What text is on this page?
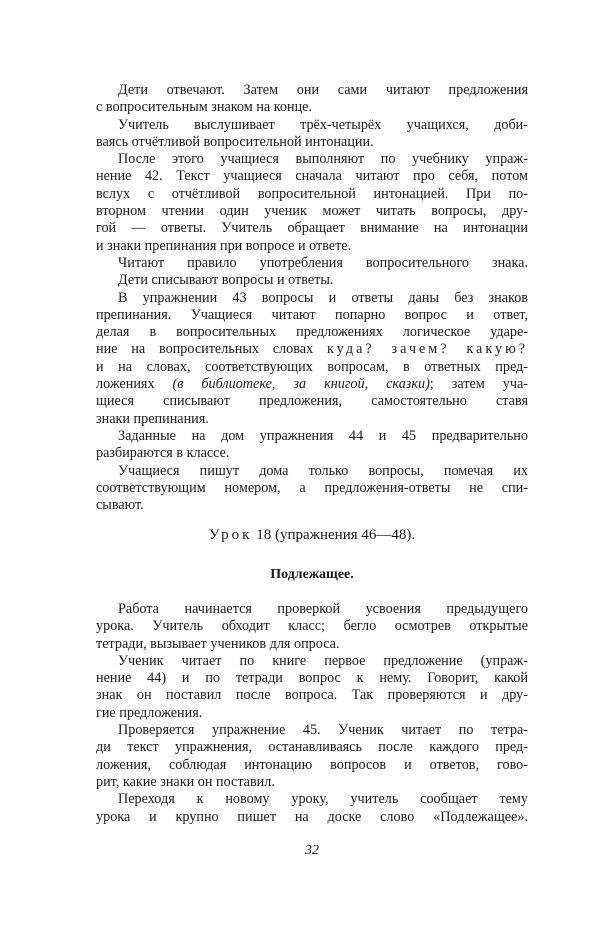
Дети отвечают. Затем они сами читают предложения
с вопросительным знаком на конце.
Учитель выслушивает трёх-четырёх учащихся, доби-
ваясь отчётливой вопросительной интонации.
После этого учащиеся выполняют по учебнику упраж-
нение 42. Текст учащиеся сначала читают про себя, потом
вслух с отчётливой вопросительной интонацией. При по-
вторном чтении один ученик может читать вопросы, дру-
гой — ответы. Учитель обращает внимание на интонации
и знаки препинания при вопросе и ответе.
Читают правило употребления вопросительного знака.
Дети списывают вопросы и ответы.
В упражнении 43 вопросы и ответы даны без знаков
препинания. Учащиеся читают попарно вопрос и ответ,
делая в вопросительных предложениях логическое ударе-
ние на вопросительных словах куда? зачем? какую?
и на словах, соответствующих вопросам, в ответных пред-
ложениях (в библиотеке, за книгой, сказки); затем уча-
щиеся списывают предложения, самостоятельно ставя
знаки препинания.
Заданные на дом упражнения 44 и 45 предварительно
разбираются в классе.
Учащиеся пишут дома только вопросы, помечая их
соответствующим номером, а предложения-ответы не спи-
сывают.
Урок 18 (упражнения 46—48).
Подлежащее.
Работа начинается проверкой усвоения предыдущего
урока. Учитель обходит класс; бегло осмотрев открытые
тетради, вызывает учеников для опроса.
Ученик читает по книге первое предложение (упраж-
нение 44) и по тетради вопрос к нему. Говорит, какой
знак он поставил после вопроса. Так проверяются и дру-
гие предложения.
Проверяется упражнение 45. Ученик читает по тетра-
ди текст упражнения, останавливаясь после каждого пред-
ложения, соблюдая интонацию вопросов и ответов, гово-
рит, какие знаки он поставил.
Переходя к новому уроку, учитель сообщает тему
урока и крупно пишет на доске слово «Подлежащее».
32
